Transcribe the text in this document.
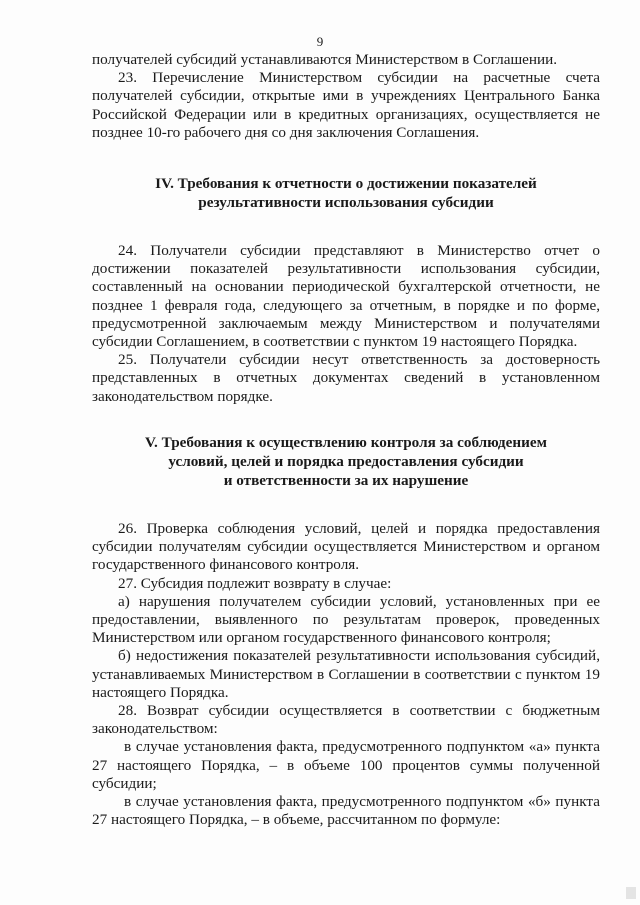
9

получателей субсидий устанавливаются Министерством в Соглашении.

23. Перечисление Министерством субсидии на расчетные счета получателей субсидии, открытые ими в учреждениях Центрального Банка Российской Федерации или в кредитных организациях, осуществляется не позднее 10-го рабочего дня со дня заключения Соглашения.

IV. Требования к отчетности о достижении показателей
результативности использования субсидии

24. Получатели субсидии представляют в Министерство отчет о достижении показателей результативности использования субсидии, составленный на основании периодической бухгалтерской отчетности, не позднее 1 февраля года, следующего за отчетным, в порядке и по форме, предусмотренной заключаемым между Министерством и получателями субсидии Соглашением, в соответствии с пунктом 19 настоящего Порядка.

25. Получатели субсидии несут ответственность за достоверность представленных в отчетных документах сведений в установленном законодательством порядке.

V. Требования к осуществлению контроля за соблюдением
условий, целей и порядка предоставления субсидии
и ответственности за их нарушение

26. Проверка соблюдения условий, целей и порядка предоставления субсидии получателям субсидии осуществляется Министерством и органом государственного финансового контроля.

27. Субсидия подлежит возврату в случае:

а) нарушения получателем субсидии условий, установленных при ее предоставлении, выявленного по результатам проверок, проведенных Министерством или органом государственного финансового контроля;

б) недостижения показателей результативности использования субсидий, устанавливаемых Министерством в Соглашении в соответствии с пунктом 19 настоящего Порядка.

28. Возврат субсидии осуществляется в соответствии с бюджетным законодательством:

в случае установления факта, предусмотренного подпунктом «а» пункта 27 настоящего Порядка, – в объеме 100 процентов суммы полученной субсидии;

в случае установления факта, предусмотренного подпунктом «б» пункта 27 настоящего Порядка, – в объеме, рассчитанном по формуле:
